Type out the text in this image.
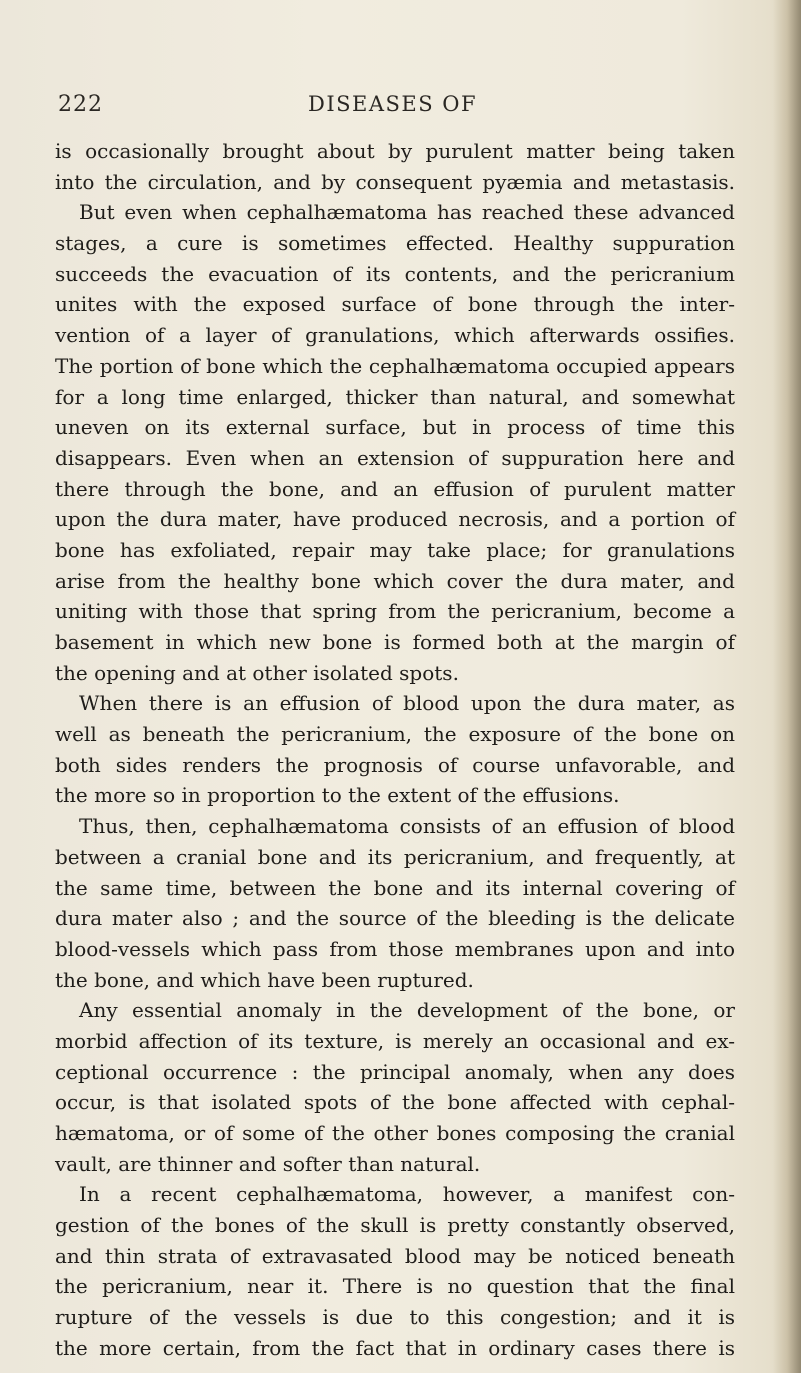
222	DISEASES OF
is occasionally brought about by purulent matter being taken
into the circulation, and by consequent pyæmia and metastasis.
But even when cephalhæmatoma has reached these advanced
stages, a cure is sometimes effected. Healthy suppuration
succeeds the evacuation of its contents, and the pericranium
unites with the exposed surface of bone through the inter-
vention of a layer of granulations, which afterwards ossifies.
The portion of bone which the cephalhæmatoma occupied appears
for a long time enlarged, thicker than natural, and somewhat
uneven on its external surface, but in process of time this
disappears. Even when an extension of suppuration here and
there through the bone, and an effusion of purulent matter
upon the dura mater, have produced necrosis, and a portion of
bone has exfoliated, repair may take place; for granulations
arise from the healthy bone which cover the dura mater, and
uniting with those that spring from the pericranium, become a
basement in which new bone is formed both at the margin of
the opening and at other isolated spots.
When there is an effusion of blood upon the dura mater, as
well as beneath the pericranium, the exposure of the bone on
both sides renders the prognosis of course unfavorable, and
the more so in proportion to the extent of the effusions.
Thus, then, cephalhæmatoma consists of an effusion of blood
between a cranial bone and its pericranium, and frequently, at
the same time, between the bone and its internal covering of
dura mater also ; and the source of the bleeding is the delicate
blood-vessels which pass from those membranes upon and into
the bone, and which have been ruptured.
Any essential anomaly in the development of the bone, or
morbid affection of its texture, is merely an occasional and ex-
ceptional occurrence : the principal anomaly, when any does
occur, is that isolated spots of the bone affected with cephal-
hæmatoma, or of some of the other bones composing the cranial
vault, are thinner and softer than natural.
In a recent cephalhæmatoma, however, a manifest con-
gestion of the bones of the skull is pretty constantly observed,
and thin strata of extravasated blood may be noticed beneath
the pericranium, near it. There is no question that the final
rupture of the vessels is due to this congestion; and it is
the more certain, from the fact that in ordinary cases there is
